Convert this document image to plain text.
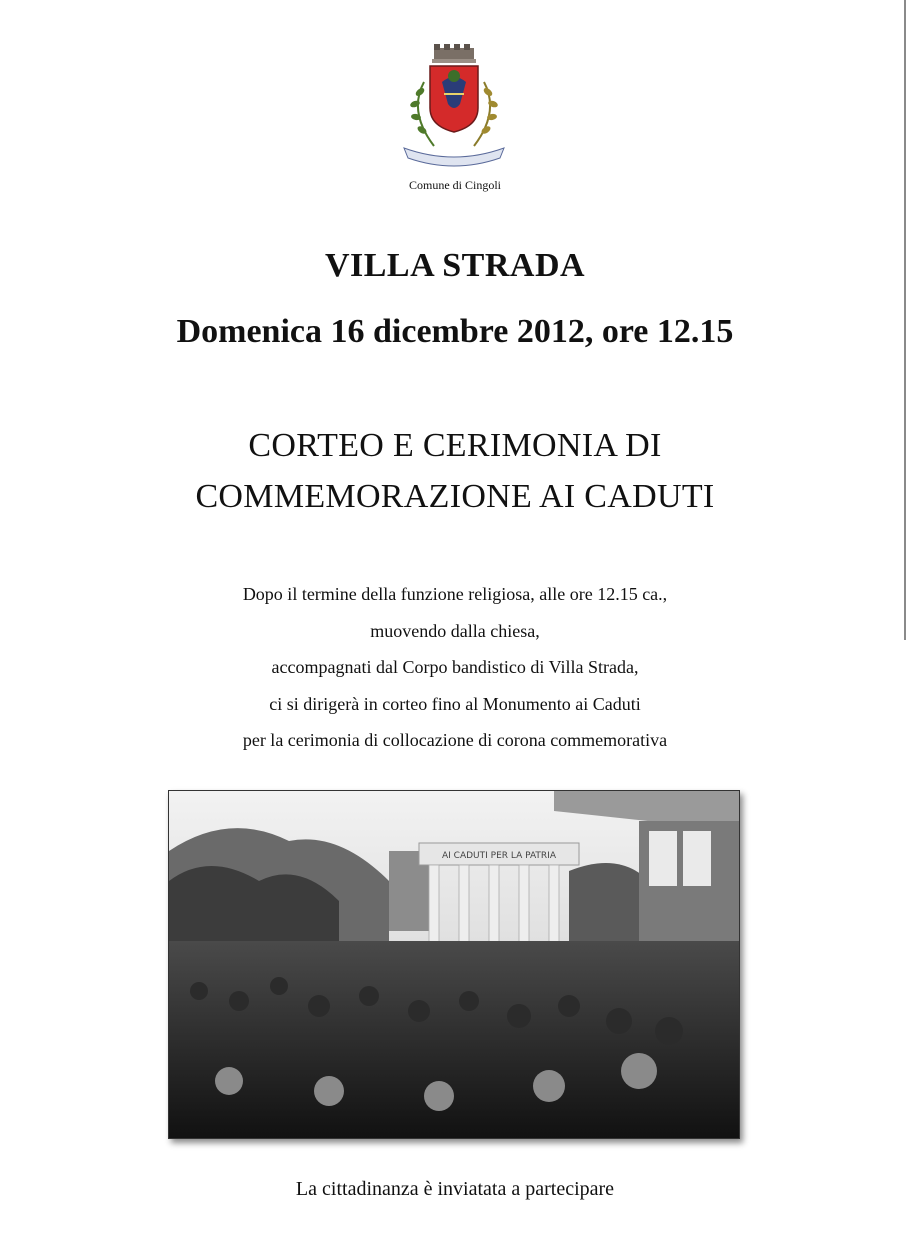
Comune di Cingoli
VILLA STRADA
Domenica 16 dicembre 2012, ore 12.15
CORTEO E CERIMONIA DI
COMMEMORAZIONE AI CADUTI
Dopo il termine della funzione religiosa, alle ore 12.15 ca.,
muovendo dalla chiesa,
accompagnati dal Corpo bandistico di Villa Strada,
ci si dirigerà in corteo fino al Monumento ai Caduti
per la cerimonia di collocazione di corona commemorativa
AI CADUTI PER LA PATRIA
La cittadinanza è inviatata a partecipare
